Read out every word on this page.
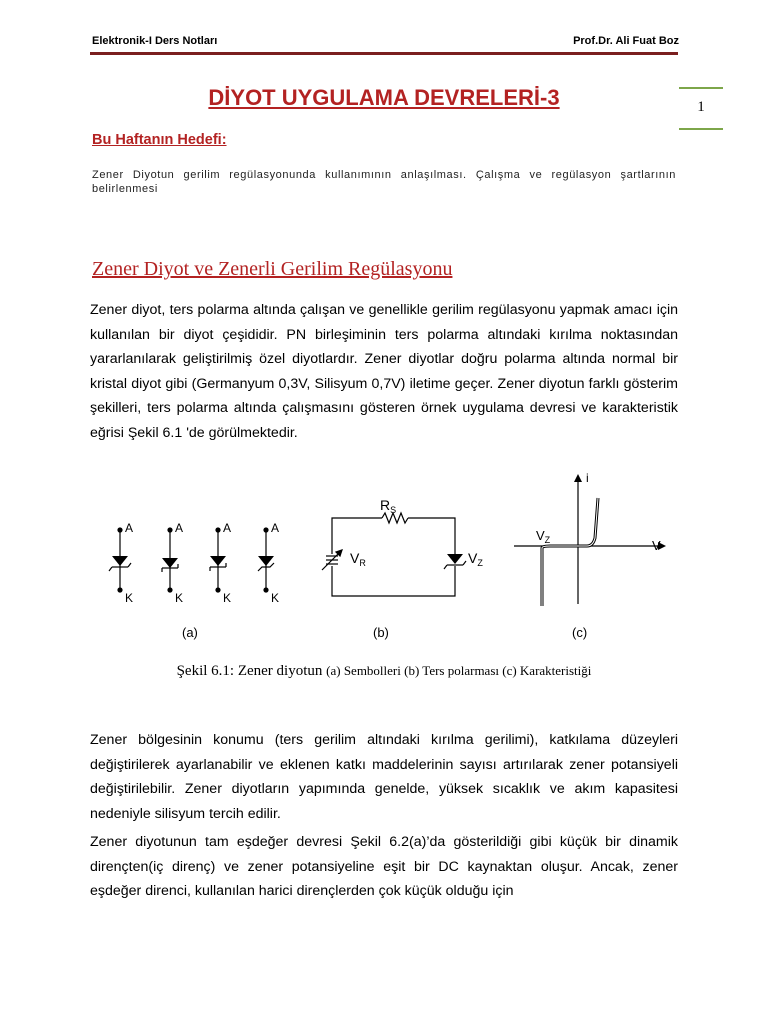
Elektronik-I Ders Notları	Prof.Dr. Ali Fuat Boz
1
DİYOT UYGULAMA DEVRELERİ-3
Bu Haftanın Hedefi:
Zener Diyotun gerilim regülasyonunda kullanımının anlaşılması. Çalışma ve regülasyon şartlarının belirlenmesi
Zener Diyot ve Zenerli Gerilim Regülasyonu
Zener diyot, ters polarma altında çalışan ve genellikle gerilim regülasyonu yapmak amacı için kullanılan bir diyot çeşididir. PN birleşiminin ters polarma altındaki kırılma noktasından yararlanılarak geliştirilmiş özel diyotlardır. Zener diyotlar doğru polarma altında normal bir kristal diyot gibi (Germanyum 0,3V, Silisyum 0,7V) iletime geçer. Zener diyotun farklı gösterim şekilleri, ters polarma altında çalışmasını gösteren örnek uygulama devresi ve karakteristik eğrisi Şekil 6.1 'de görülmektedir.
A	A	A	A
K	K	K	K
$R_S$
$V_R$	$V_Z$
i
V
$V_Z$
(a)	(b)	(c)
Şekil 6.1: Zener diyotun (a) Sembolleri (b) Ters polarması (c) Karakteristiği
Zener bölgesinin konumu (ters gerilim altındaki kırılma gerilimi), katkılama düzeyleri değiştirilerek ayarlanabilir ve eklenen katkı maddelerinin sayısı artırılarak zener potansiyeli değiştirilebilir. Zener diyotların yapımında genelde, yüksek sıcaklık ve akım kapasitesi nedeniyle silisyum tercih edilir.
Zener diyotunun tam eşdeğer devresi Şekil 6.2(a)’da gösterildiği gibi küçük bir dinamik dirençten(iç direnç) ve zener potansiyeline eşit bir DC kaynaktan oluşur. Ancak, zener eşdeğer direnci, kullanılan harici dirençlerden çok küçük olduğu için
